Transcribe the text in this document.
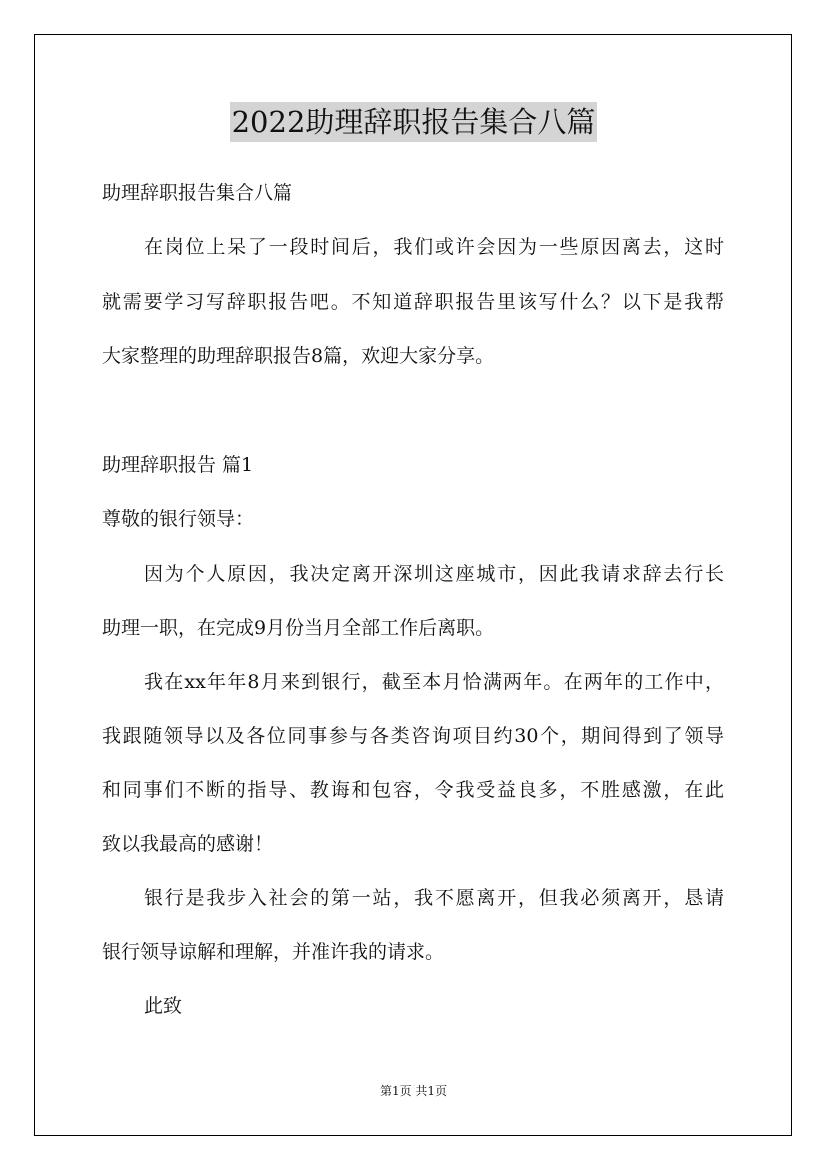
2022助理辞职报告集合八篇
助理辞职报告集合八篇
在岗位上呆了一段时间后，我们或许会因为一些原因离去，这时
就需要学习写辞职报告吧。不知道辞职报告里该写什么？以下是我帮
大家整理的助理辞职报告8篇，欢迎大家分享。
助理辞职报告 篇1
尊敬的银行领导：
因为个人原因，我决定离开深圳这座城市，因此我请求辞去行长
助理一职，在完成9月份当月全部工作后离职。
我在xx年年8月来到银行，截至本月恰满两年。在两年的工作中，
我跟随领导以及各位同事参与各类咨询项目约30个，期间得到了领导
和同事们不断的指导、教诲和包容，令我受益良多，不胜感激，在此
致以我最高的感谢！
银行是我步入社会的第一站，我不愿离开，但我必须离开，恳请
银行领导谅解和理解，并准许我的请求。
此致
第1页 共1页
